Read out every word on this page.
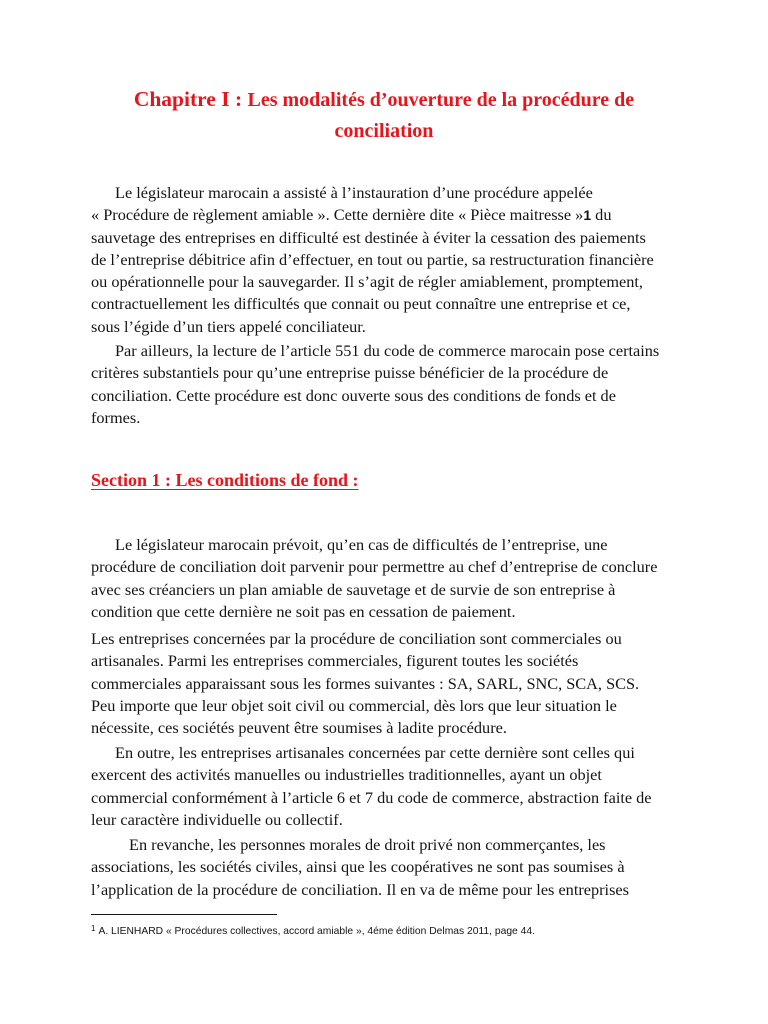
Chapitre I : Les modalités d’ouverture de la procédure de
conciliation

Le législateur marocain a assisté à l’instauration d’une procédure appelée
« Procédure de règlement amiable ». Cette dernière dite « Pièce maitresse »1 du
sauvetage des entreprises en difficulté est destinée à éviter la cessation des paiements
de l’entreprise débitrice afin d’effectuer, en tout ou partie, sa restructuration financière
ou opérationnelle pour la sauvegarder. Il s’agit de régler amiablement, promptement,
contractuellement les difficultés que connait ou peut connaître une entreprise et ce,
sous l’égide d’un tiers appelé conciliateur.

Par ailleurs, la lecture de l’article 551 du code de commerce marocain pose certains
critères substantiels pour qu’une entreprise puisse bénéficier de la procédure de
conciliation. Cette procédure est donc ouverte sous des conditions de fonds et de
formes.

Section 1 : Les conditions de fond :

Le législateur marocain prévoit, qu’en cas de difficultés de l’entreprise, une
procédure de conciliation doit parvenir pour permettre au chef d’entreprise de conclure
avec ses créanciers un plan amiable de sauvetage et de survie de son entreprise à
condition que cette dernière ne soit pas en cessation de paiement.

Les entreprises concernées par la procédure de conciliation sont commerciales ou
artisanales. Parmi les entreprises commerciales, figurent toutes les sociétés
commerciales apparaissant sous les formes suivantes : SA, SARL, SNC, SCA, SCS.
Peu importe que leur objet soit civil ou commercial, dès lors que leur situation le
nécessite, ces sociétés peuvent être soumises à ladite procédure.

En outre, les entreprises artisanales concernées par cette dernière sont celles qui
exercent des activités manuelles ou industrielles traditionnelles, ayant un objet
commercial conformément à l’article 6 et 7 du code de commerce, abstraction faite de
leur caractère individuelle ou collectif.

En revanche, les personnes morales de droit privé non commerçantes, les
associations, les sociétés civiles, ainsi que les coopératives ne sont pas soumises à
l’application de la procédure de conciliation. Il en va de même pour les entreprises

$^1$ A. LIENHARD « Procédures collectives, accord amiable », 4éme édition Delmas 2011, page 44.
